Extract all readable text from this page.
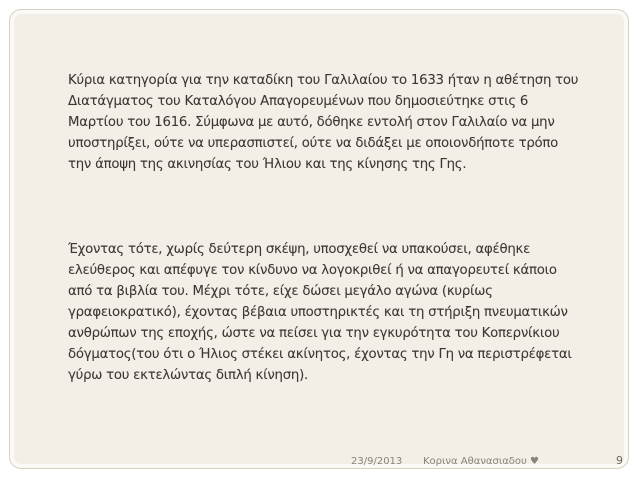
Κύρια κατηγορία για την καταδίκη του Γαλιλαίου το 1633 ήταν η αθέτηση του
Διατάγματος του Καταλόγου Απαγορευμένων που δημοσιεύτηκε στις 6
Μαρτίου του 1616. Σύμφωνα με αυτό, δόθηκε εντολή στον Γαλιλαίο να μην
υποστηρίξει, ούτε να υπερασπιστεί, ούτε να διδάξει με οποιονδήποτε τρόπο
την άποψη της ακινησίας του Ήλιου και της κίνησης της Γης.

Έχοντας τότε, χωρίς δεύτερη σκέψη, υποσχεθεί να υπακούσει, αφέθηκε
ελεύθερος και απέφυγε τον κίνδυνο να λογοκριθεί ή να απαγορευτεί κάποιο
από τα βιβλία του. Μέχρι τότε, είχε δώσει μεγάλο αγώνα (κυρίως
γραφειοκρατικό), έχοντας βέβαια υποστηρικτές και τη στήριξη πνευματικών
ανθρώπων της εποχής, ώστε να πείσει για την εγκυρότητα του Κοπερνίκιου
δόγματος(του ότι ο Ήλιος στέκει ακίνητος, έχοντας την Γη να περιστρέφεται
γύρω του εκτελώντας διπλή κίνηση).

23/9/2013 Κορινα Αθανασιαδου ♥	9
